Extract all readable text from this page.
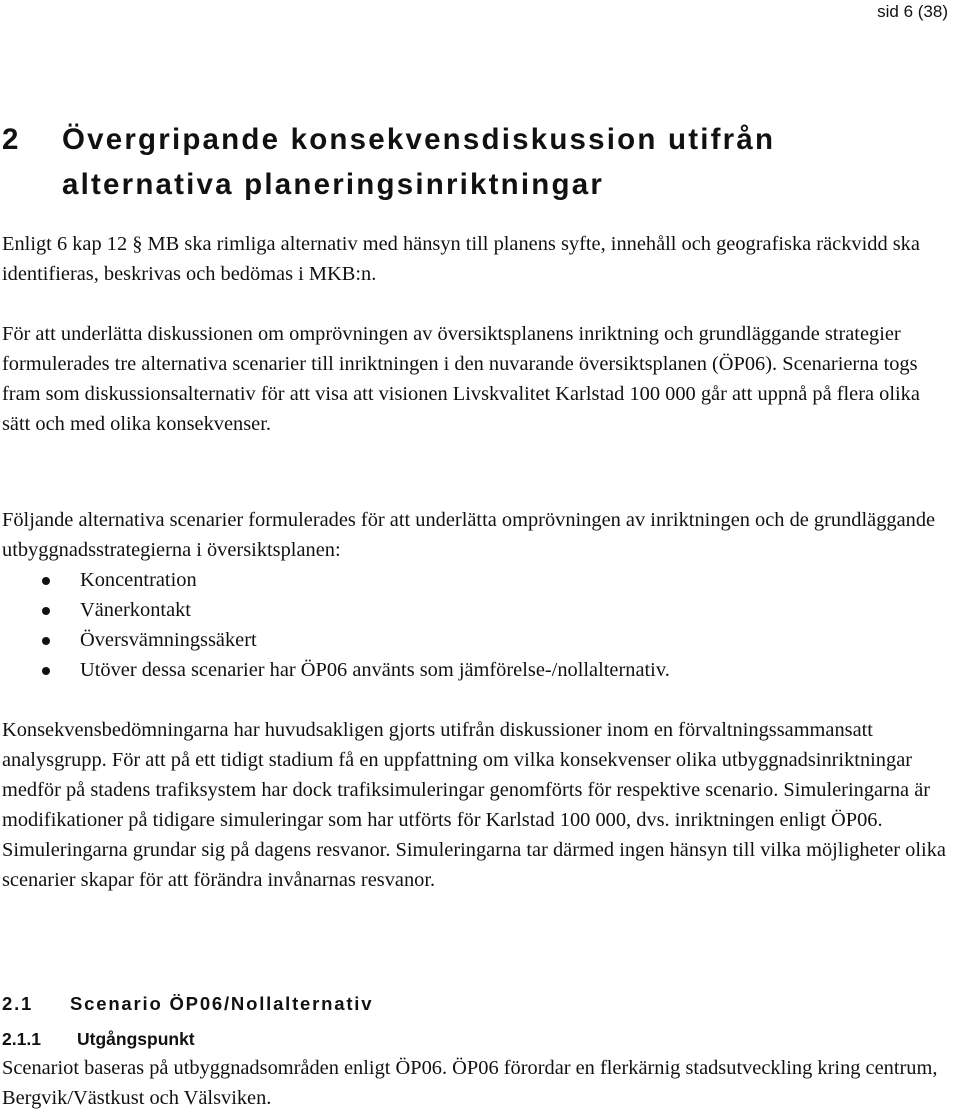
sid 6 (38)
2 Övergripande konsekvensdiskussion utifrån
alternativa planeringsinriktningar

Enligt 6 kap 12 § MB ska rimliga alternativ med hänsyn till planens syfte, innehåll och geografiska räckvidd ska identifieras, beskrivas och bedömas i MKB:n.

För att underlätta diskussionen om omprövningen av översiktsplanens inriktning och grundläggande strategier formulerades tre alternativa scenarier till inriktningen i den nuvarande översiktsplanen (ÖP06). Scenarierna togs fram som diskussionsalternativ för att visa att visionen Livskvalitet Karlstad 100 000 går att uppnå på flera olika sätt och med olika konsekvenser.

Följande alternativa scenarier formulerades för att underlätta omprövningen av inriktningen och de grundläggande utbyggnadsstrategierna i översiktsplanen:

Koncentration
Vänerkontakt
Översvämningssäkert
Utöver dessa scenarier har ÖP06 använts som jämförelse-/nollalternativ.

Konsekvensbedömningarna har huvudsakligen gjorts utifrån diskussioner inom en förvaltningssammansatt analysgrupp. För att på ett tidigt stadium få en uppfattning om vilka konsekvenser olika utbyggnadsinriktningar medför på stadens trafiksystem har dock trafiksimuleringar genomförts för respektive scenario. Simuleringarna är modifikationer på tidigare simuleringar som har utförts för Karlstad 100 000, dvs. inriktningen enligt ÖP06. Simuleringarna grundar sig på dagens resvanor. Simuleringarna tar därmed ingen hänsyn till vilka möjligheter olika scenarier skapar för att förändra invånarnas resvanor.

2.1 Scenario ÖP06/Nollalternativ
2.1.1 Utgångspunkt

Scenariot baseras på utbyggnadsområden enligt ÖP06. ÖP06 förordar en flerkärnig stadsutveckling kring centrum, Bergvik/Västkust och Välsviken.
